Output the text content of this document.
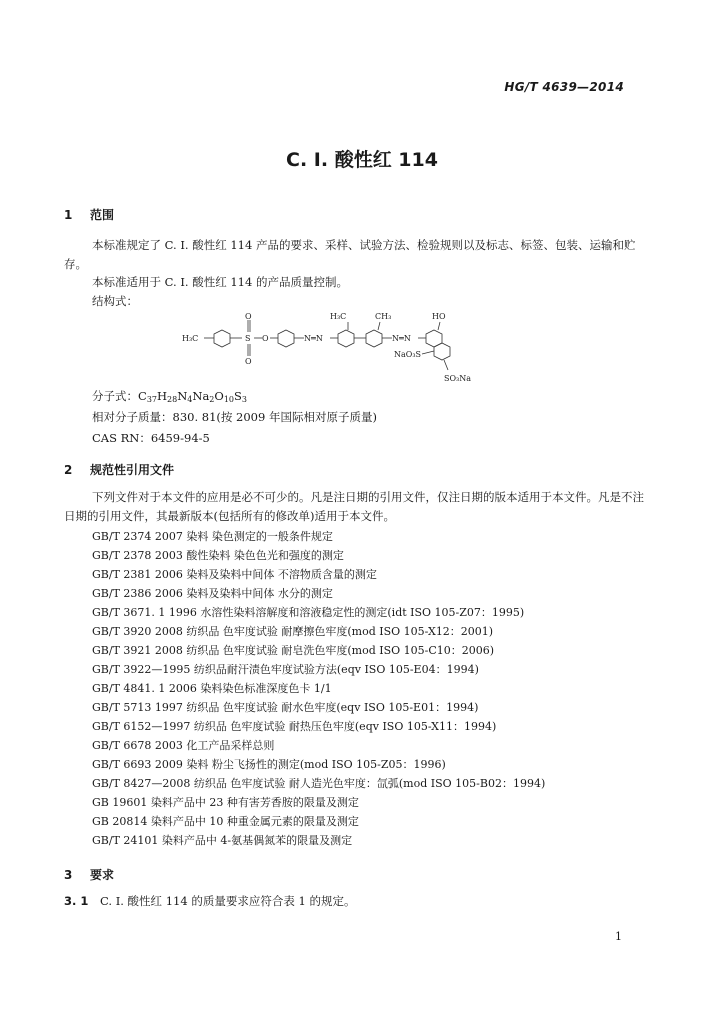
HG/T 4639—2014
C. I. 酸性红 114
1 范围
本标准规定了 C. I. 酸性红 114 产品的要求、采样、试验方法、检验规则以及标志、标签、包装、运输和贮存。
本标准适用于 C. I. 酸性红 114 的产品质量控制。
结构式：
H₃C
O
O
S O	N═N
H₃C
N═N
CH₃	HO
NaO₃S
SO₃Na
分子式：$C_{37}H_{28}N_4Na_2O_{10}S_3$
相对分子质量：830. 81(按 2009 年国际相对原子质量)
CAS RN：6459-94-5
2 规范性引用文件
下列文件对于本文件的应用是必不可少的。凡是注日期的引用文件，仅注日期的版本适用于本文件。凡是不注日期的引用文件，其最新版本(包括所有的修改单)适用于本文件。
GB/T 2374 2007 染料 染色测定的一般条件规定
GB/T 2378 2003 酸性染料 染色色光和强度的测定
GB/T 2381 2006 染料及染料中间体 不溶物质含量的测定
GB/T 2386 2006 染料及染料中间体 水分的测定
GB/T 3671. 1 1996 水溶性染料溶解度和溶液稳定性的测定(idt ISO 105-Z07：1995)
GB/T 3920 2008 纺织品 色牢度试验 耐摩擦色牢度(mod ISO 105-X12：2001)
GB/T 3921 2008 纺织品 色牢度试验 耐皂洗色牢度(mod ISO 105-C10：2006)
GB/T 3922—1995 纺织品耐汗渍色牢度试验方法(eqv ISO 105-E04：1994)
GB/T 4841. 1 2006 染料染色标准深度色卡 1/1
GB/T 5713 1997 纺织品 色牢度试验 耐水色牢度(eqv ISO 105-E01：1994)
GB/T 6152—1997 纺织品 色牢度试验 耐热压色牢度(eqv ISO 105-X11：1994)
GB/T 6678 2003 化工产品采样总则
GB/T 6693 2009 染料 粉尘飞扬性的测定(mod ISO 105-Z05：1996)
GB/T 8427—2008 纺织品 色牢度试验 耐人造光色牢度：氙弧(mod ISO 105-B02：1994)
GB 19601 染料产品中 23 种有害芳香胺的限量及测定
GB 20814 染料产品中 10 种重金属元素的限量及测定
GB/T 24101 染料产品中 4-氨基偶氮苯的限量及测定
3 要求
3. 1 C. I. 酸性红 114 的质量要求应符合表 1 的规定。
1
